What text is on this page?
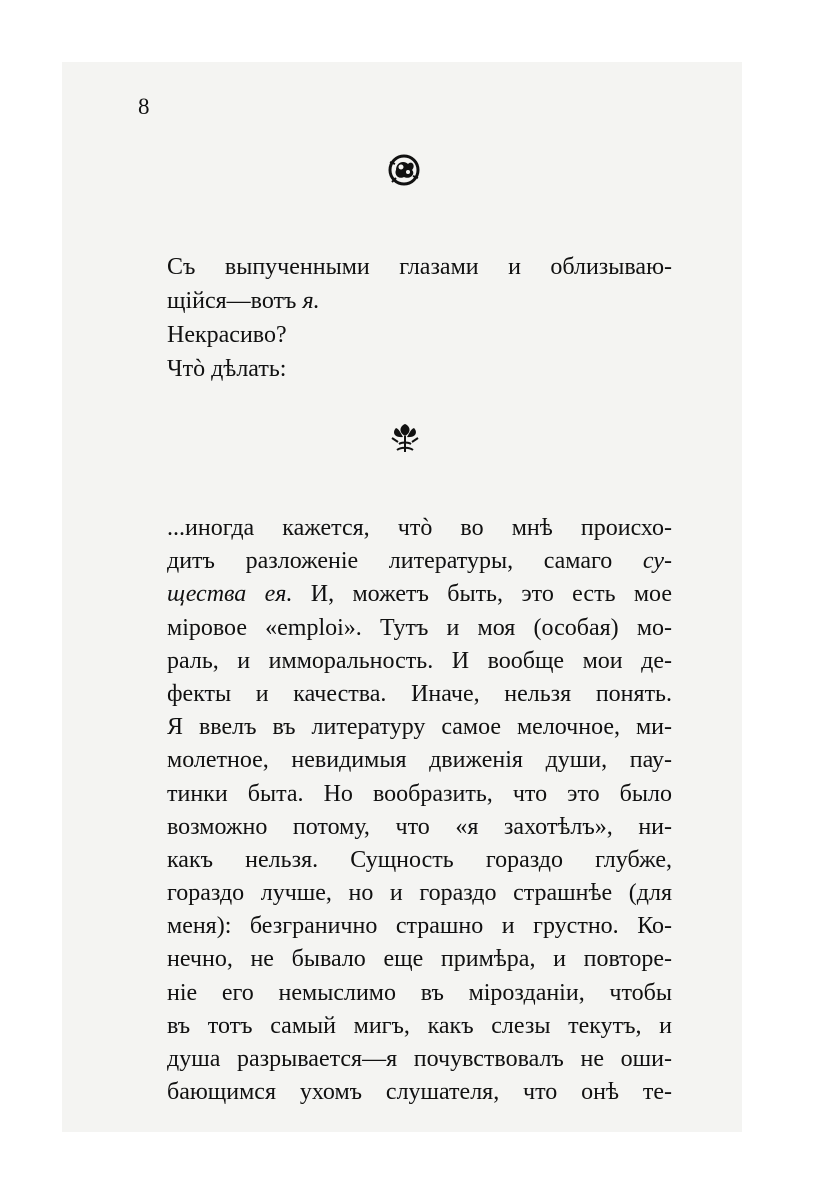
8
Съ выпученными глазами и облизываю-
щійся—вотъ я.
Некрасиво?
Чтò дѣлать:
...иногда кажется, чтò во мнѣ происхо-
дитъ разложеніе литературы, самаго су-
щества ея. И, можетъ быть, это есть мое
міровое «emploi». Тутъ и моя (особая) мо-
раль, и имморальность. И вообще мои де-
фекты и качества. Иначе, нельзя понять.
Я ввелъ въ литературу самое мелочное, ми-
молетное, невидимыя движенія души, пау-
тинки быта. Но вообразить, что это было
возможно потому, что «я захотѣлъ», ни-
какъ нельзя. Сущность гораздо глубже,
гораздо лучше, но и гораздо страшнѣе (для
меня): безгранично страшно и грустно. Ко-
нечно, не бывало еще примѣра, и повторе-
ніе его немыслимо въ мірозданіи, чтобы
въ тотъ самый мигъ, какъ слезы текутъ, и
душа разрывается—я почувствовалъ не оши-
бающимся ухомъ слушателя, что онѣ те-
